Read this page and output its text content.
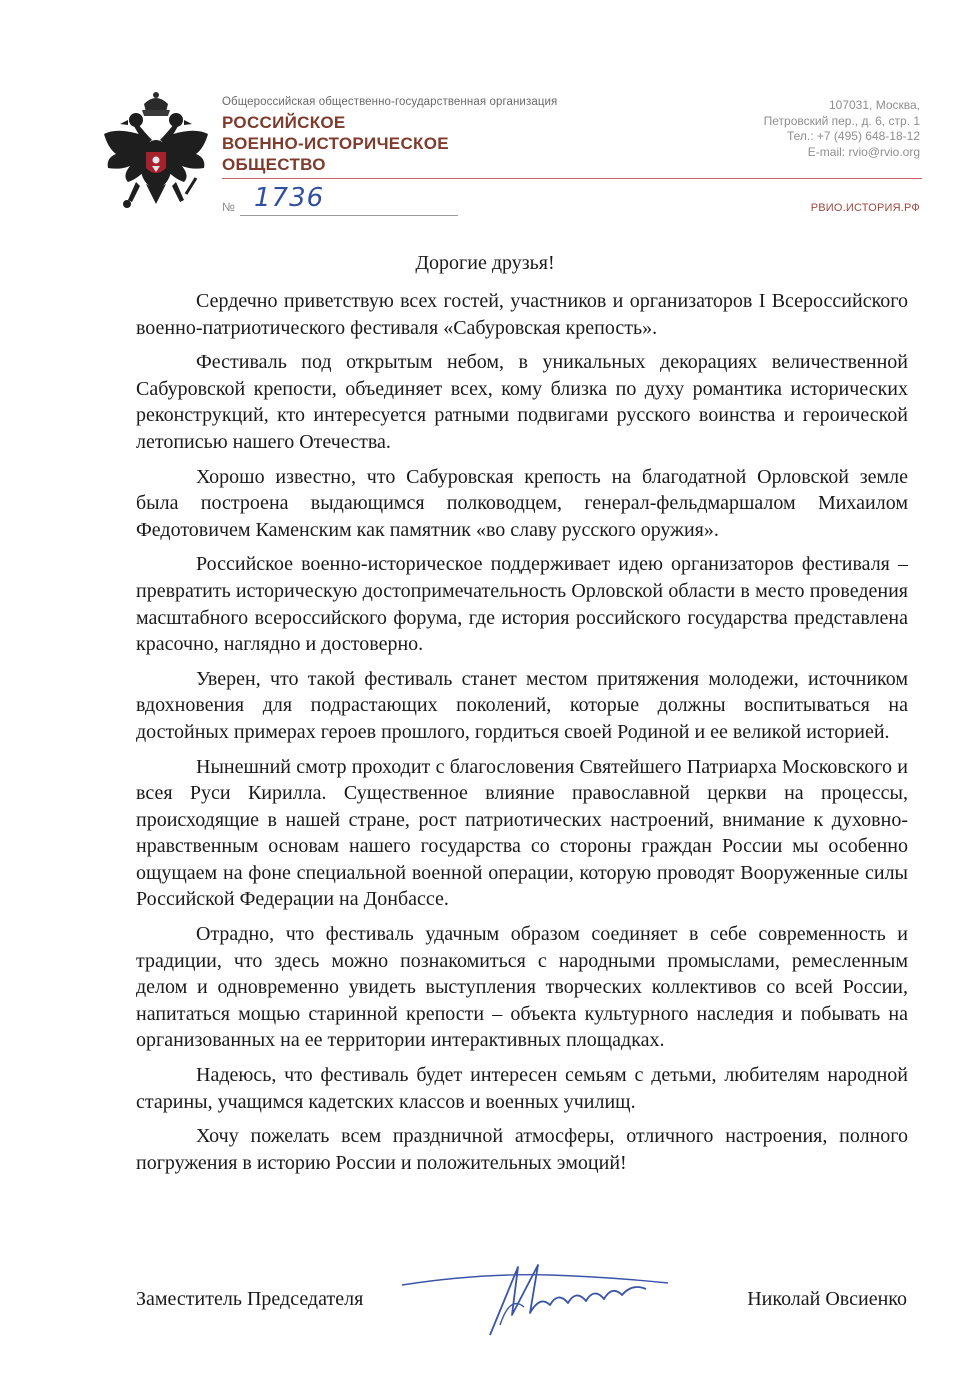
Общероссийская общественно-государственная организация
РОССИЙСКОЕ
ВОЕННО-ИСТОРИЧЕСКОЕ
ОБЩЕСТВО
107031, Москва,
Петровский пер., д. 6, стр. 1
Тел.: +7 (495) 648-18-12
E-mail: rvio@rvio.org
№ 1736	РВИО.ИСТОРИЯ.РФ
Дорогие друзья!

Сердечно приветствую всех гостей, участников и организаторов I Всероссийского военно-патриотического фестиваля «Сабуровская крепость».

Фестиваль под открытым небом, в уникальных декорациях величественной Сабуровской крепости, объединяет всех, кому близка по духу романтика исторических реконструкций, кто интересуется ратными подвигами русского воинства и героической летописью нашего Отечества.

Хорошо известно, что Сабуровская крепость на благодатной Орловской земле была построена выдающимся полководцем, генерал-фельдмаршалом Михаилом Федотовичем Каменским как памятник «во славу русского оружия».

Российское военно-историческое поддерживает идею организаторов фестиваля – превратить историческую достопримечательность Орловской области в место проведения масштабного всероссийского форума, где история российского государства представлена красочно, наглядно и достоверно.

Уверен, что такой фестиваль станет местом притяжения молодежи, источником вдохновения для подрастающих поколений, которые должны воспитываться на достойных примерах героев прошлого, гордиться своей Родиной и ее великой историей.

Нынешний смотр проходит с благословения Святейшего Патриарха Московского и всея Руси Кирилла. Существенное влияние православной церкви на процессы, происходящие в нашей стране, рост патриотических настроений, внимание к духовно-нравственным основам нашего государства со стороны граждан России мы особенно ощущаем на фоне специальной военной операции, которую проводят Вооруженные силы Российской Федерации на Донбассе.

Отрадно, что фестиваль удачным образом соединяет в себе современность и традиции, что здесь можно познакомиться с народными промыслами, ремесленным делом и одновременно увидеть выступления творческих коллективов со всей России, напитаться мощью старинной крепости – объекта культурного наследия и побывать на организованных на ее территории интерактивных площадках.

Надеюсь, что фестиваль будет интересен семьям с детьми, любителям народной старины, учащимся кадетских классов и военных училищ.

Хочу пожелать всем праздничной атмосферы, отличного настроения, полного погружения в историю России и положительных эмоций!

Заместитель Председателя	Николай Овсиенко
